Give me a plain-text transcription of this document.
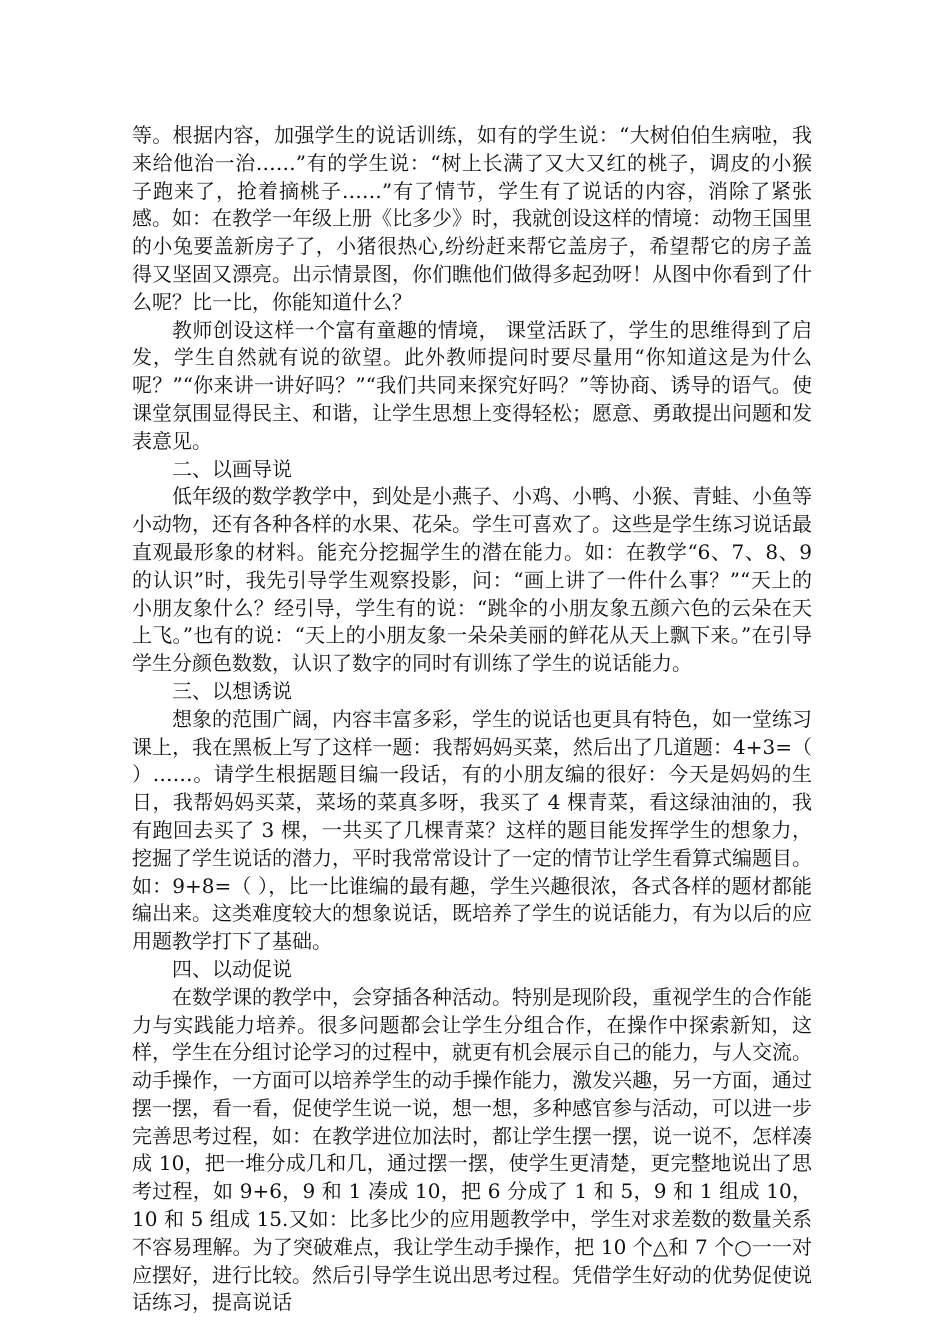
等。根据内容，加强学生的说话训练，如有的学生说：“大树伯伯生病啦，我来给他治一治……”有的学生说：“树上长满了又大又红的桃子，调皮的小猴子跑来了，抢着摘桃子……”有了情节，学生有了说话的内容，消除了紧张感。如：在教学一年级上册《比多少》时，我就创设这样的情境：动物王国里的小兔要盖新房子了，小猪很热心,纷纷赶来帮它盖房子，希望帮它的房子盖得又坚固又漂亮。出示情景图，你们瞧他们做得多起劲呀！从图中你看到了什么呢？比一比，你能知道什么？

教师创设这样一个富有童趣的情境， 课堂活跃了，学生的思维得到了启发，学生自然就有说的欲望。此外教师提问时要尽量用“你知道这是为什么呢？”“你来讲一讲好吗？”“我们共同来探究好吗？”等协商、诱导的语气。使课堂氛围显得民主、和谐，让学生思想上变得轻松；愿意、勇敢提出问题和发表意见。

二、以画导说

低年级的数学教学中，到处是小燕子、小鸡、小鸭、小猴、青蛙、小鱼等小动物，还有各种各样的水果、花朵。学生可喜欢了。这些是学生练习说话最直观最形象的材料。能充分挖掘学生的潜在能力。如：在教学“6、7、8、9 的认识”时，我先引导学生观察投影，问：“画上讲了一件什么事？”“天上的小朋友象什么？经引导，学生有的说：“跳伞的小朋友象五颜六色的云朵在天上飞。”也有的说：“天上的小朋友象一朵朵美丽的鲜花从天上飘下来。”在引导学生分颜色数数，认识了数字的同时有训练了学生的说话能力。

三、以想诱说

想象的范围广阔，内容丰富多彩，学生的说话也更具有特色，如一堂练习课上，我在黑板上写了这样一题：我帮妈妈买菜，然后出了几道题：4+3=（ ）……。请学生根据题目编一段话，有的小朋友编的很好：今天是妈妈的生日，我帮妈妈买菜，菜场的菜真多呀，我买了 4 棵青菜，看这绿油油的，我有跑回去买了 3 棵，一共买了几棵青菜？这样的题目能发挥学生的想象力，挖掘了学生说话的潜力，平时我常常设计了一定的情节让学生看算式编题目。如：9+8=（ ），比一比谁编的最有趣，学生兴趣很浓，各式各样的题材都能编出来。这类难度较大的想象说话，既培养了学生的说话能力，有为以后的应用题教学打下了基础。

四、以动促说

在数学课的教学中，会穿插各种活动。特别是现阶段，重视学生的合作能力与实践能力培养。很多问题都会让学生分组合作，在操作中探索新知，这样，学生在分组讨论学习的过程中，就更有机会展示自己的能力，与人交流。动手操作，一方面可以培养学生的动手操作能力，激发兴趣，另一方面，通过摆一摆，看一看，促使学生说一说，想一想，多种感官参与活动，可以进一步完善思考过程，如：在教学进位加法时，都让学生摆一摆，说一说不，怎样凑成 10，把一堆分成几和几，通过摆一摆，使学生更清楚，更完整地说出了思考过程，如 9+6，9 和 1 凑成 10，把 6 分成了 1 和 5，9 和 1 组成 10，10 和 5 组成 15.又如：比多比少的应用题教学中，学生对求差数的数量关系不容易理解。为了突破难点，我让学生动手操作，把 10 个△和 7 个○一一对应摆好，进行比较。然后引导学生说出思考过程。凭借学生好动的优势促使说话练习，提高说话
